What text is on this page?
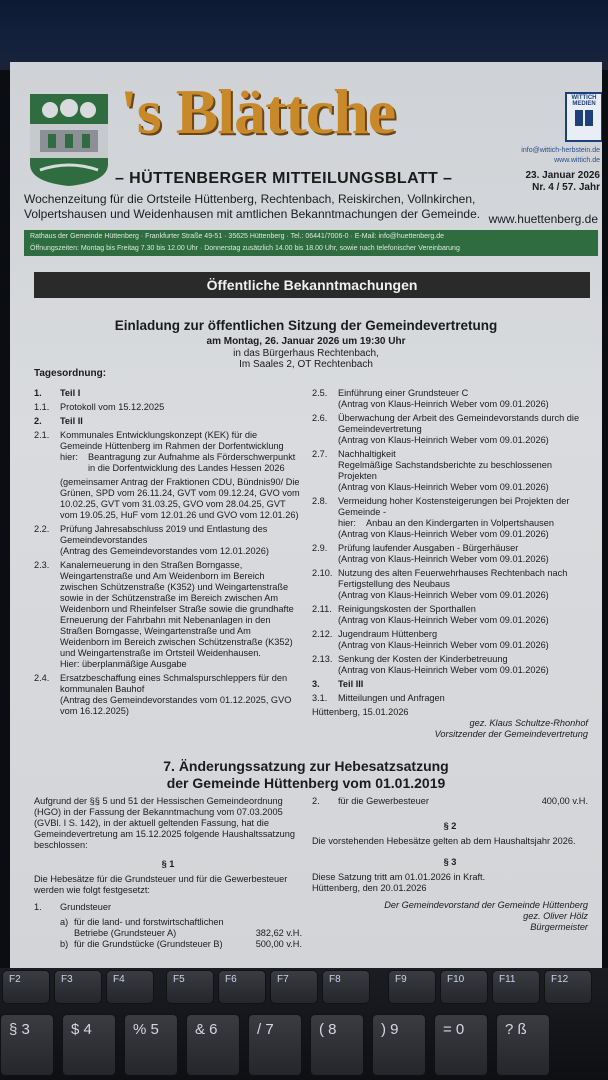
's Blättche	WITTICH MEDIEN
info@wittich-herbstein.de
www.wittich.de
– HÜTTENBERGER MITTEILUNGSBLATT –	23. Januar 2026
Nr. 4 / 57. Jahr
Wochenzeitung für die Ortsteile Hüttenberg, Rechtenbach, Reiskirchen, Vollnkirchen, Volpertshausen und Weidenhausen mit amtlichen Bekanntmachungen der Gemeinde. www.huettenberg.de
Rathaus der Gemeinde Hüttenberg · Frankfurter Straße 49-51 · 35625 Hüttenberg · Tel.: 06441/7006-0 · E-Mail: info@huettenberg.de
Öffnungszeiten: Montag bis Freitag 7.30 bis 12.00 Uhr · Donnerstag zusätzlich 14.00 bis 18.00 Uhr, sowie nach telefonischer Vereinbarung
Öffentliche Bekanntmachungen
Einladung zur öffentlichen Sitzung der Gemeindevertretung
am Montag, 26. Januar 2026 um 19:30 Uhr
in das Bürgerhaus Rechtenbach,
Im Saales 2, OT Rechtenbach
Tagesordnung:
1.	Teil I
1.1.	Protokoll vom 15.12.2025
2.	Teil II
2.1.	Kommunales Entwicklungskonzept (KEK) für die Gemeinde Hüttenberg im Rahmen der Dorfentwicklung
hier:	Beantragung zur Aufnahme als Förderschwerpunkt in die Dorfentwicklung des Landes Hessen 2026
(gemeinsamer Antrag der Fraktionen CDU, Bündnis90/ Die Grünen, SPD vom 26.11.24, GVT vom 09.12.24, GVO vom 10.02.25, GVT vom 31.03.25, GVO vom 28.04.25, GVT vom 19.05.25, HuF vom 12.01.26 und GVO vom 12.01.26)
2.2.	Prüfung Jahresabschluss 2019 und Entlastung des Gemeindevorstandes
(Antrag des Gemeindevorstandes vom 12.01.2026)
2.3.	Kanalerneuerung in den Straßen Borngasse, Weingartenstraße und Am Weidenborn im Bereich zwischen Schützenstraße (K352) und Weingartenstraße sowie in der Schützenstraße im Bereich zwischen Am Weidenborn und Rheinfelser Straße sowie die grundhafte Erneuerung der Fahrbahn mit Nebenanlagen in den Straßen Borngasse, Weingartenstraße und Am Weidenborn im Bereich zwischen Schützenstraße (K352) und Weingartenstraße im Ortsteil Weidenhausen.
Hier: überplanmäßige Ausgabe
2.4.	Ersatzbeschaffung eines Schmalspurschleppers für den kommunalen Bauhof
(Antrag des Gemeindevorstandes vom 01.12.2025, GVO vom 16.12.2025)
2.5.	Einführung einer Grundsteuer C
(Antrag von Klaus-Heinrich Weber vom 09.01.2026)
2.6.	Überwachung der Arbeit des Gemeindevorstands durch die Gemeindevertretung
(Antrag von Klaus-Heinrich Weber vom 09.01.2026)
2.7.	Nachhaltigkeit
Regelmäßige Sachstandsberichte zu beschlossenen Projekten
(Antrag von Klaus-Heinrich Weber vom 09.01.2026)
2.8.	Vermeidung hoher Kostensteigerungen bei Projekten der Gemeinde -
hier:	Anbau an den Kindergarten in Volpertshausen
(Antrag von Klaus-Heinrich Weber vom 09.01.2026)
2.9.	Prüfung laufender Ausgaben - Bürgerhäuser
(Antrag von Klaus-Heinrich Weber vom 09.01.2026)
2.10. Nutzung des alten Feuerwehrhauses Rechtenbach nach Fertigstellung des Neubaus
(Antrag von Klaus-Heinrich Weber vom 09.01.2026)
2.11. Reinigungskosten der Sporthallen
(Antrag von Klaus-Heinrich Weber vom 09.01.2026)
2.12. Jugendraum Hüttenberg
(Antrag von Klaus-Heinrich Weber vom 09.01.2026)
2.13. Senkung der Kosten der Kinderbetreuung
(Antrag von Klaus-Heinrich Weber vom 09.01.2026)
3.	Teil III
3.1.	Mitteilungen und Anfragen
Hüttenberg, 15.01.2026
gez. Klaus Schultze-Rhonhof
Vorsitzender der Gemeindevertretung
7. Änderungssatzung zur Hebesatzsatzung
der Gemeinde Hüttenberg vom 01.01.2019
Aufgrund der §§ 5 und 51 der Hessischen Gemeindeordnung (HGO) in der Fassung der Bekanntmachung vom 07.03.2005 (GVBl. I S. 142), in der aktuell geltenden Fassung, hat die Gemeindevertretung am 15.12.2025 folgende Haushaltssatzung beschlossen:
§ 1
Die Hebesätze für die Grundsteuer und für die Gewerbesteuer werden wie folgt festgesetzt:
1.	Grundsteuer
a) für die land- und forstwirtschaftlichen Betriebe (Grundsteuer A)	382,62 v.H.
b) für die Grundstücke (Grundsteuer B)	500,00 v.H.
2.	für die Gewerbesteuer	400,00 v.H.
§ 2
Die vorstehenden Hebesätze gelten ab dem Haushaltsjahr 2026.
§ 3
Diese Satzung tritt am 01.01.2026 in Kraft.
Hüttenberg, den 20.01.2026
Der Gemeindevorstand der Gemeinde Hüttenberg
gez. Oliver Hölz
Bürgermeister
F2	F3	F4	F5	F6	F7	F8	F9	F10	F11	F12
§ 3	$ 4	% 5	& 6	/ 7	( 8	) 9	= 0	? ß
